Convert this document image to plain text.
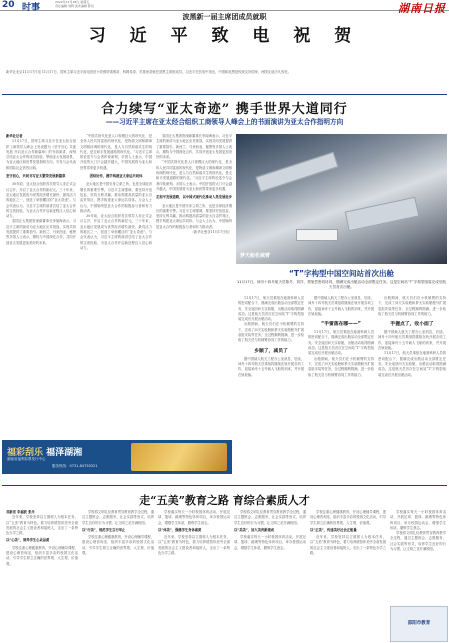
20 时事
2022年11月18日 星期五
责任编辑 刘辉 美术编辑 陈钊	湖南日报
波黑新一届主席团成员就职
习 近 平 致 电 祝 贺
新华社北京11月17日电 11月17日，国家主席习近平致电祝贺小茨维塔诺维奇、科姆希奇、贝基里奇就任波黑主席团成员。习近平在贺电中指出，中国和波黑是传统友好国家，两国友谊历久弥坚。
合力续写“亚太奇迹” 携手世界大道同行
——习近平主席在亚太经合组织工商领导人峰会上的书面演讲为亚太合作指明方向
新华社记者

11月17日，国家主席习近平在亚太经合组织工商领导人峰会上发表题为《坚守初心 共促发展 开启亚太合作新篇章》的书面演讲，深刻总结亚太合作的成功经验，擘画亚太发展前景，为亚太地区和世界发展指明方向，引发与会代表和国际社会热烈反响。

坚守初心，共同书写亚太繁荣发展新篇章

30年前，亚太经合组织首次领导人非正式会议召开，开启了亚太合作的新纪元。三十年来，亚太地区发展成为世界经济增长最快、最具活力的地区之一，创造了举世瞩目的“亚太奇迹”。与会代表认为，习近平主席的演讲总结了亚太合作的宝贵经验，为亚太合作开启新征程注入信心和动力。

泰国正大集团资深副董事长李闻海表示，习近平主席的演讲为亚太地区应对挑战、实现共同发展提供了重要指引。新西兰、马来西亚、秘鲁等多国人士表示，期待与中国深化合作，共同开创亚太发展更加美好的未来。

“中国式现代化是人口规模巨大的现代化，是全体人民共同富裕的现代化，是物质文明和精神文明相协调的现代化，是人与自然和谐共生的现代化，是走和平发展道路的现代化。”习近平主席的论述令与会者印象深刻。多国人士表示，中国开放的大门只会越开越大，中国发展将为亚太和世界带来更多机遇。

团结协作，携手构建亚太命运共同体

亚太地区是中国安身立命之所，也是全球经济增长的重要引擎。习近平主席强调，要坚持开放包容，坚持互利共赢，推动构建高质量的亚太自由贸易区，携手构建亚太命运共同体。与会人士认为，中国始终是亚太合作的积极参与者和有力推动者。

30年前，亚太经合组织首次领导人非正式会议召开，开启了亚太合作的新纪元。三十年来，亚太地区发展成为世界经济增长最快、最具活力的地区之一，创造了举世瞩目的“亚太奇迹”。与会代表认为，习近平主席的演讲总结了亚太合作的宝贵经验，为亚太合作开启新征程注入信心和动力。

泰国正大集团资深副董事长李闻海表示，习近平主席的演讲为亚太地区应对挑战、实现共同发展提供了重要指引。新西兰、马来西亚、秘鲁等多国人士表示，期待与中国深化合作，共同开创亚太发展更加美好的未来。

“中国式现代化是人口规模巨大的现代化，是全体人民共同富裕的现代化，是物质文明和精神文明相协调的现代化，是人与自然和谐共生的现代化，是走和平发展道路的现代化。”习近平主席的论述令与会者印象深刻。多国人士表示，中国开放的大门只会越开越大，中国发展将为亚太和世界带来更多机遇。

走和平发展道路，以中国式现代化推动人类发展进步

亚太地区是中国安身立命之所，也是全球经济增长的重要引擎。习近平主席强调，要坚持开放包容，坚持互利共赢，推动构建高质量的亚太自由贸易区，携手构建亚太命运共同体。与会人士认为，中国始终是亚太合作的积极参与者和有力推动者。

（新华社曼谷11月17日电）
梦天舱机械臂
“T”字构型中国空间站首次出舱
11月17日，神舟十四号航天员陈冬、刘洋、蔡旭哲密切协同，圆满完成出舱活动全部既定任务。这是空间站“T”字构型组装完成后航天员首次出舱。

11月17日，航天员乘组在地面科研人员的密切配合下，圆满完成出舱活动全部既定任务，安全返回问天实验舱，出舱活动取得圆满成功。这是航天员首次在空间站“T”字构型组装完成后开展出舱活动。

出舱期间，航天员们在小机械臂的支持下，完成了问天实验舱和梦天实验舱舱外扩展泵组安装等任务，全过程顺利圆满，进一步检验了航天员与机械臂协同工作的能力。

乡颐了，减员了

据中国载人航天工程办公室消息，后续，神舟十四号航天员乘组将继续在轨开展各项工作，迎接神舟十五号载人飞船的到来，并开展在轨轮换。

据中国载人航天工程办公室消息，后续，神舟十四号航天员乘组将继续在轨开展各项工作，迎接神舟十五号载人飞船的到来，并开展在轨轮换。

“手雷落在哪——”

11月17日，航天员乘组在地面科研人员的密切配合下，圆满完成出舱活动全部既定任务，安全返回问天实验舱，出舱活动取得圆满成功。这是航天员首次在空间站“T”字构型组装完成后开展出舱活动。

出舱期间，航天员们在小机械臂的支持下，完成了问天实验舱和梦天实验舱舱外扩展泵组安装等任务，全过程顺利圆满，进一步检验了航天员与机械臂协同工作的能力。

出舱期间，航天员们在小机械臂的支持下，完成了问天实验舱和梦天实验舱舱外扩展泵组安装等任务，全过程顺利圆满，进一步检验了航天员与机械臂协同工作的能力。

手握点了，收小面了

据中国载人航天工程办公室消息，后续，神舟十四号航天员乘组将继续在轨开展各项工作，迎接神舟十五号载人飞船的到来，并开展在轨轮换。

11月17日，航天员乘组在地面科研人员的密切配合下，圆满完成出舱活动全部既定任务，安全返回问天实验舱，出舱活动取得圆满成功。这是航天员首次在空间站“T”字构型组装完成后开展出舱活动。

福彩刮乐 福泽湖湘
湖南省福利彩票发行中心
服务热线：0731-84750321
走“五美”教育之路 育综合素质人才
邓新亮 李福波 张丹

近年来，学校坚持以立德树人为根本任务，以“五美”教育为特色，着力培养德智体美劳全面发展的社会主义建设者和接班人，走出了一条特色办学之路。

以“心美”，润养学生心灵品质

学校注重心理健康教育，开设心理辅导课程，建设心理咨询室，组织丰富多彩的校园文化活动，引导学生树立正确的世界观、人生观、价值观。

学校将文明礼仪教育贯穿教育教学全过程，通过主题班会、志愿服务、社会实践等形式，培养学生良好的行为习惯，让文明之花开满校园。

以“行美”，规范学生言行举止

学校注重心理健康教育，开设心理辅导课程，建设心理咨询室，组织丰富多彩的校园文化活动，引导学生树立正确的世界观、人生观、价值观。

学校落实每天一小时校园体育活动，开展足球、篮球、跳绳等特色体育项目，举办校园运动会，增强学生体质，磨炼学生意志。

以“体美”，强健学生身体素质

近年来，学校坚持以立德树人为根本任务，以“五美”教育为特色，着力培养德智体美劳全面发展的社会主义建设者和接班人，走出了一条特色办学之路。

学校将文明礼仪教育贯穿教育教学全过程，通过主题班会、志愿服务、社会实践等形式，培养学生良好的行为习惯，让文明之花开满校园。

以“美美”，加大美育新建成

学校落实每天一小时校园体育活动，开展足球、篮球、跳绳等特色体育项目，举办校园运动会，增强学生体质，磨炼学生意志。

学校注重心理健康教育，开设心理辅导课程，建设心理咨询室，组织丰富多彩的校园文化活动，引导学生树立正确的世界观、人生观、价值观。

以“正美”，传递美好社会正能量

近年来，学校坚持以立德树人为根本任务，以“五美”教育为特色，着力培养德智体美劳全面发展的社会主义建设者和接班人，走出了一条特色办学之路。

学校落实每天一小时校园体育活动，开展足球、篮球、跳绳等特色体育项目，举办校园运动会，增强学生体质，磨炼学生意志。

学校将文明礼仪教育贯穿教育教学全过程，通过主题班会、志愿服务、社会实践等形式，培养学生良好的行为习惯，让文明之花开满校园。

邵阳市教育
